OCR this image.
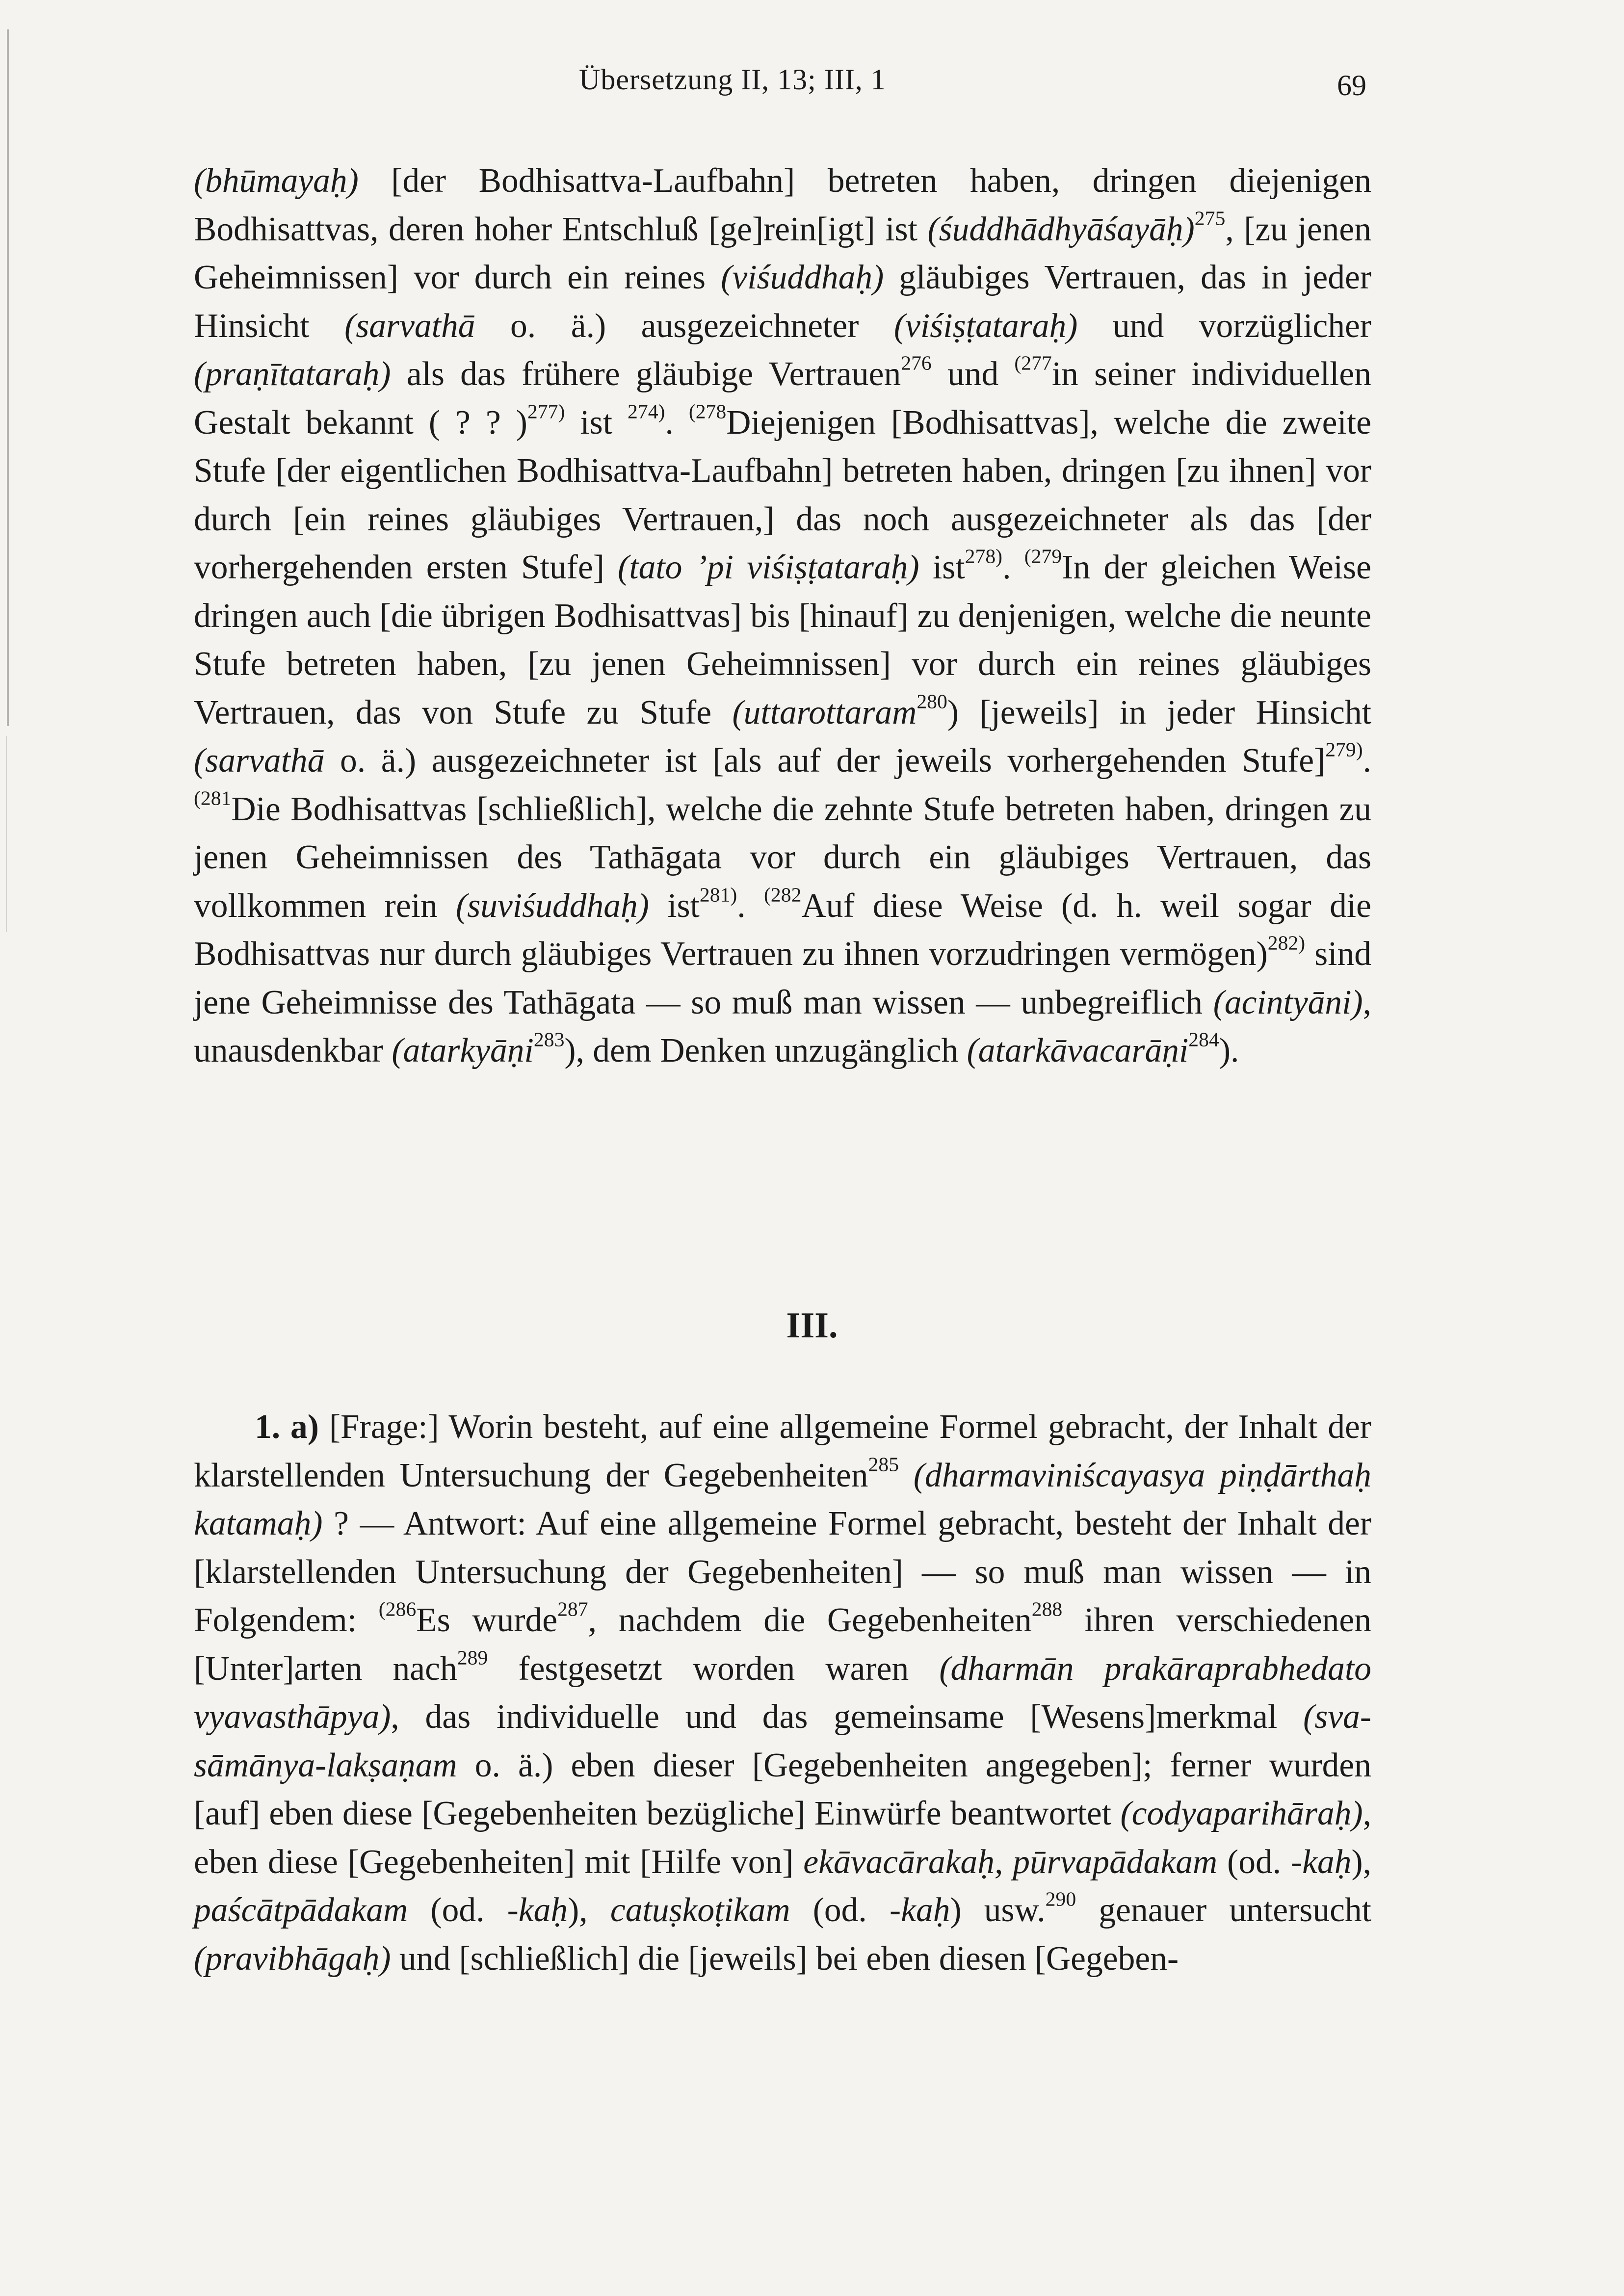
Übersetzung II, 13; III, 1	69

(bhūmayaḥ) [der Bodhisattva-Laufbahn] betreten haben, dringen diejenigen Bodhisattvas, deren hoher Entschluß [ge]rein[igt] ist (śuddhādhyāśayāḥ)$^{275}$, [zu jenen Geheimnissen] vor durch ein reines (viśuddhaḥ) gläubiges Vertrauen, das in jeder Hinsicht (sarvathā o. ä.) ausgezeichneter (viśiṣṭataraḥ) und vorzüglicher (praṇītataraḥ) als das frühere gläubige Vertrauen$^{276}$ und $^{(277}$in seiner individuellen Gestalt bekannt ( ? ? )$^{277)}$ ist $^{274)}$. $^{(278}$Diejenigen [Bodhisattvas], welche die zweite Stufe [der eigentlichen Bodhisattva-Laufbahn] betreten haben, dringen [zu ihnen] vor durch [ein reines gläubiges Vertrauen,] das noch ausgezeichneter als das [der vorhergehenden ersten Stufe] (tato ’pi viśiṣṭataraḥ) ist$^{278)}$. $^{(279}$In der gleichen Weise dringen auch [die übrigen Bodhisattvas] bis [hinauf] zu denjenigen, welche die neunte Stufe betreten haben, [zu jenen Geheimnissen] vor durch ein reines gläubiges Vertrauen, das von Stufe zu Stufe (uttarottaram$^{280}$) [jeweils] in jeder Hinsicht (sarvathā o. ä.) ausgezeichneter ist [als auf der jeweils vorhergehenden Stufe]$^{279)}$. $^{(281}$Die Bodhisattvas [schließlich], welche die zehnte Stufe betreten haben, dringen zu jenen Geheimnissen des Tathāgata vor durch ein gläubiges Vertrauen, das vollkommen rein (suviśuddhaḥ) ist$^{281)}$. $^{(282}$Auf diese Weise (d. h. weil sogar die Bodhisattvas nur durch gläubiges Vertrauen zu ihnen vorzudringen vermögen)$^{282)}$ sind jene Geheimnisse des Tathāgata — so muß man wissen — unbegreiflich (acintyāni), unausdenkbar (atarkyāṇi$^{283}$), dem Denken unzugänglich (atarkāvacarāṇi$^{284}$).

III.

1. a) [Frage:] Worin besteht, auf eine allgemeine Formel gebracht, der Inhalt der klarstellenden Untersuchung der Gegebenheiten$^{285}$ (dharmaviniścayasya piṇḍārthaḥ katamaḥ) ? — Antwort: Auf eine allgemeine Formel gebracht, besteht der Inhalt der [klarstellenden Untersuchung der Gegebenheiten] — so muß man wissen — in Folgendem: $^{(286}$Es wurde$^{287}$, nachdem die Gegebenheiten$^{288}$ ihren verschiedenen [Unter]arten nach$^{289}$ festgesetzt worden waren (dharmān prakāraprabhedato vyavasthāpya), das individuelle und das gemeinsame [Wesens]merkmal (sva-sāmānya-lakṣaṇam o. ä.) eben dieser [Gegebenheiten angegeben]; ferner wurden [auf] eben diese [Gegebenheiten bezügliche] Einwürfe beantwortet (codyaparihāraḥ), eben diese [Gegebenheiten] mit [Hilfe von] ekāvacārakaḥ, pūrvapādakam (od. -kaḥ), paścātpādakam (od. -kaḥ), catuṣkoṭikam (od. -kaḥ) usw.$^{290}$ genauer untersucht (pravibhāgaḥ) und [schließlich] die [jeweils] bei eben diesen [Gegeben-
